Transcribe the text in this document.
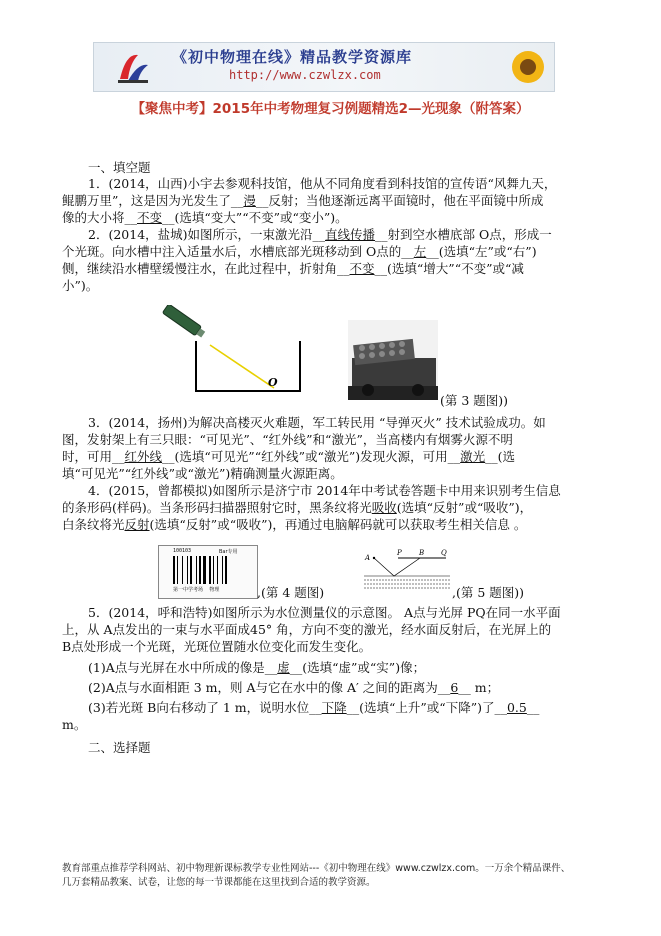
《初中物理在线》精品教学资源库
http://www.czwlzx.com
【聚焦中考】2015年中考物理复习例题精选2—光现象（附答案）
一、填空题
1．(2014，山西)小宇去参观科技馆，他从不同角度看到科技馆的宣传语“风舞九天，
鲲鹏万里”，这是因为光发生了__漫__反射；当他逐渐远离平面镜时，他在平面镜中所成
像的大小将__不变__(选填“变大”“不变”或“变小”)。
2．(2014，盐城)如图所示，一束激光沿__直线传播__射到空水槽底部 O点，形成一
个光斑。向水槽中注入适量水后，水槽底部光斑移动到 O点的__左__(选填“左”或“右”)
侧，继续沿水槽壁缓慢注水，在此过程中，折射角__不变__(选填“增大”“不变”或“减
小”)。
O
(第 3 题图))
3．(2014，扬州)为解决高楼灭火难题，军工转民用 “导弹灭火” 技术试验成功。如
图，发射架上有三只眼：“可见光”、“红外线”和“激光”，当高楼内有烟雾火源不明
时，可用__红外线__(选填“可见光”“红外线”或“激光”)发现火源，可用__激光__(选
填“可见光”“红外线”或“激光”)精确测量火源距离。
4．(2015，曾都模拟)如图所示是济宁市 2014年中考试卷答题卡中用来识别考生信息
的条形码(样码)。当条形码扫描器照射它时，黑条纹将光吸收(选填“反射”或“吸收”)，
白条纹将光反射(选填“反射”或“吸收”)，再通过电脑解码就可以获取考生相关信息 。
100103	Bar专用
第一中学考场    物理	,(第 4 题图)
A
P B Q
,(第 5 题图))
5．(2014，呼和浩特)如图所示为水位测量仪的示意图。 A点与光屏 PQ在同一水平面
上，从 A点发出的一束与水平面成45° 角，方向不变的激光，经水面反射后，在光屏上的
B点处形成一个光斑，光斑位置随水位变化而发生变化。
(1)A点与光屏在水中所成的像是__虚__(选填“虚”或“实”)像；
(2)A点与水面相距 3 m，则 A与它在水中的像 A′ 之间的距离为__6__ m；
(3)若光斑 B向右移动了 1 m，说明水位__下降__(选填“上升”或“下降”)了__0.5__
m。
二、选择题
教育部重点推荐学科网站、初中物理新课标教学专业性网站---《初中物理在线》www.czwlzx.com。一万余个精品课件、
几万套精品教案、试卷，让您的每一节课都能在这里找到合适的教学资源。
